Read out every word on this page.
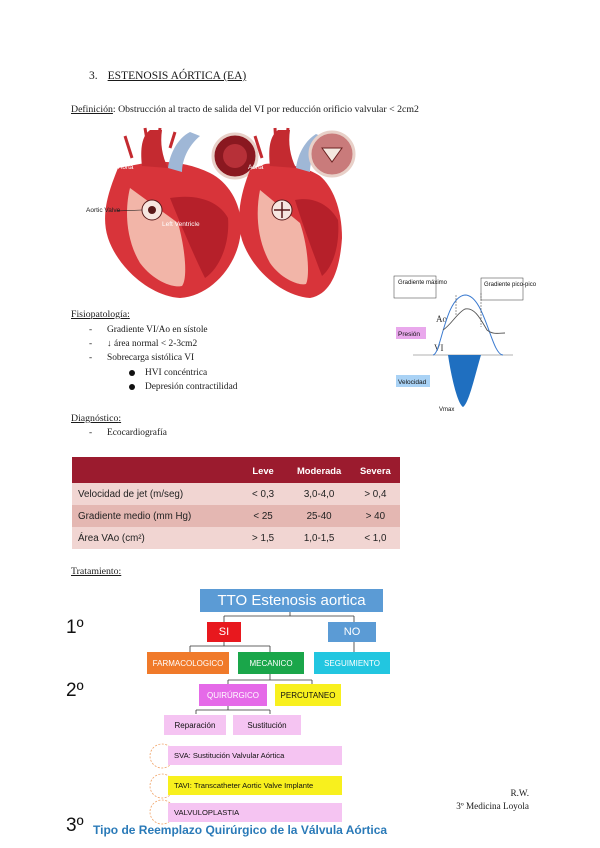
3. ESTENOSIS AÓRTICA (EA)
Definición: Obstrucción al tracto de salida del VI por reducción orificio valvular < 2cm2
Aorta
Aortic Valve
Left Ventricle
Aorta
Gradiente máximo	Gradiente pico-pico
Presión
Velocidad
Ao
VI
Vmax
Fisiopatología:
- Gradiente VI/Ao en sístole
- ↓ área normal < 2-3cm2
- Sobrecarga sistólica VI
HVI concéntrica
Depresión contractilidad
Diagnóstico:
- Ecocardiografía
	Leve	Moderada	Severa
Velocidad de jet (m/seg)	< 0,3	3,0-4,0	> 0,4
Gradiente medio (mm Hg)	< 25	25-40	> 40
Área VAo (cm²)	> 1,5	1,0-1,5	< 1,0
Tratamiento:
TTO Estenosis aortica
SI	NO
FARMACOLOGICO	MECANICO	SEGUIMIENTO
QUIRÚRGICO	PERCUTANEO
Reparación	Sustitución
SVA: Sustitución Valvular Aórtica
TAVI: Transcatheter Aortic Valve Implante
VALVULOPLASTIA
1º
2º
3º
R.W.
3º Medicina Loyola
Tipo de Reemplazo Quirúrgico de la Válvula Aórtica
